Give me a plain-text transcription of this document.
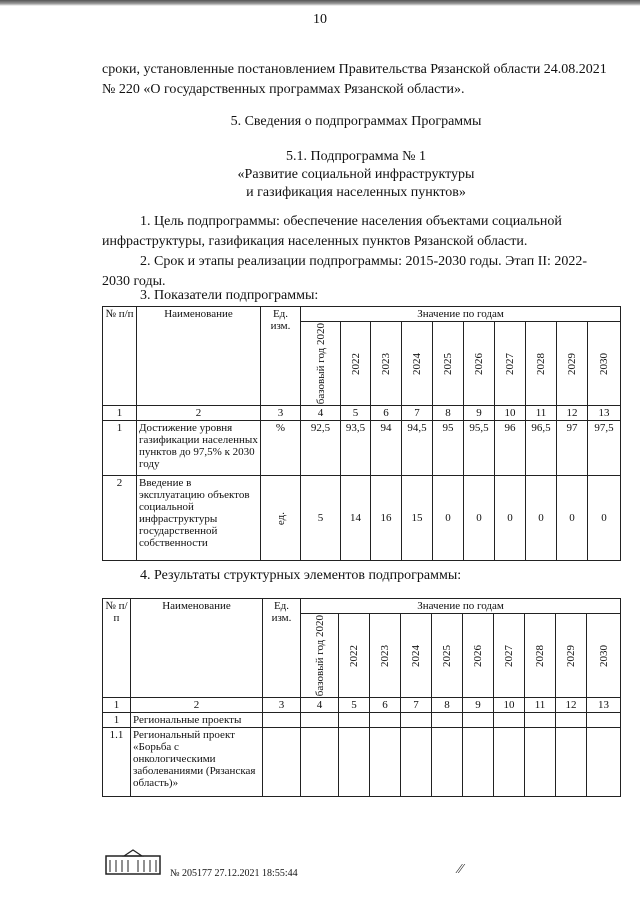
10

сроки, установленные постановлением Правительства Рязанской области 24.08.2021 № 220 «О государственных программах Рязанской области».

5. Сведения о подпрограммах Программы

5.1. Подпрограмма № 1
«Развитие социальной инфраструктуры
и газификация населенных пунктов»

1. Цель подпрограммы: обеспечение населения объектами социальной инфраструктуры, газификация населенных пунктов Рязанской области.

2. Срок и этапы реализации подпрограммы: 2015-2030 годы. Этап II: 2022-2030 годы.

3. Показатели подпрограммы:

№ п/п	Наименование	Ед. изм.	Значение по годам									

			базовый год 2020	2022	2023	2024	2025	2026	2027	2028	2029	2030

1	2	3	4	5	6	7	8	9	10	11	12	13
1	Достижение уровня газификации населенных пунктов до 97,5% к 2030 году	%	92,5	93,5	94	94,5	95	95,5	96	96,5	97	97,5
2	Введение в эксплуатацию объектов социальной инфраструктуры государственной собственности	ед.	5	14	16	15	0	0	0	0	0	0

4. Результаты структурных элементов подпрограммы:

№ п/п	Наименование	Ед. изм.	Значение по годам									

			базовый год 2020	2022	2023	2024	2025	2026	2027	2028	2029	2030

1	2	3	4	5	6	7	8	9	10	11	12	13
1	Региональные проекты											
1.1	Региональный проект «Борьба с онкологическими заболеваниями (Рязанская область)»											
№ 205177 27.12.2021 18:55:44	⁄⁄
